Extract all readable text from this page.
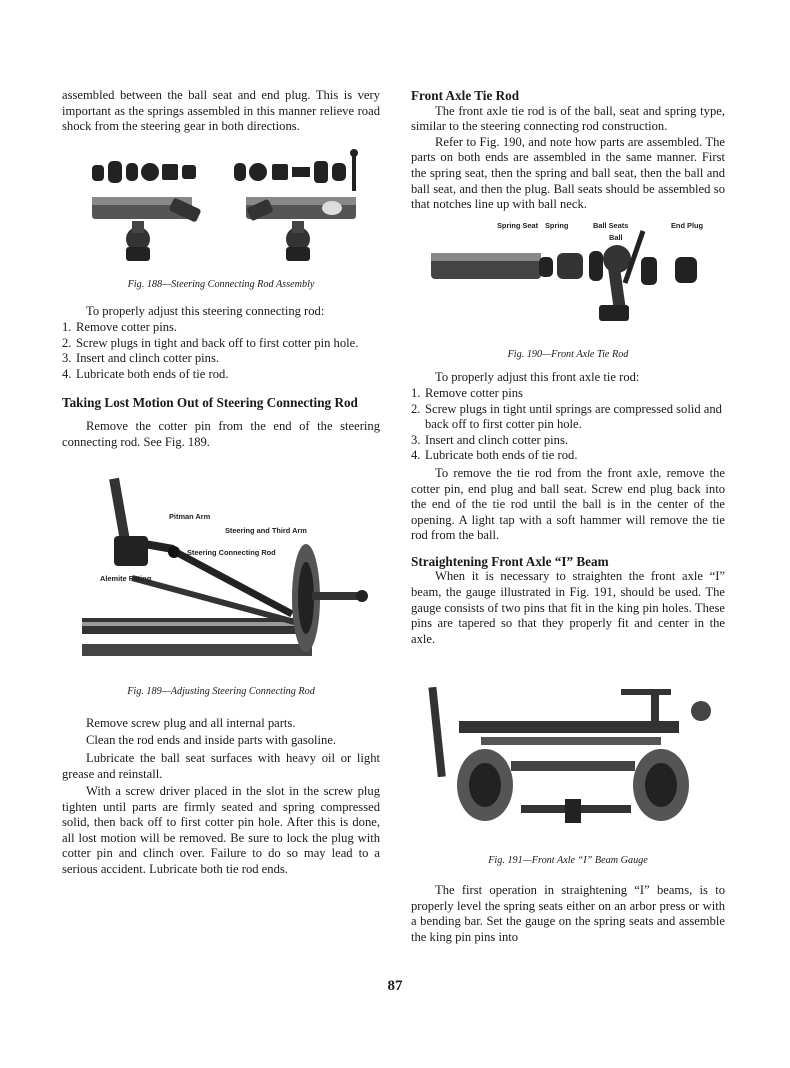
assembled between the ball seat and end plug. This is very important as the springs assembled in this manner relieve road shock from the steering gear in both directions.

Fig. 188—Steering Connecting Rod Assembly

To properly adjust this steering connecting rod:

1. Remove cotter pins.
2. Screw plugs in tight and back off to first cotter pin hole.
3. Insert and clinch cotter pins.
4. Lubricate both ends of tie rod.
Taking Lost Motion Out of Steering Connecting Rod

Remove the cotter pin from the end of the steering connecting rod. See Fig. 189.

Pitman Arm
Steering and Third Arm
Steering Connecting Rod
Alemite Fitting

Fig. 189—Adjusting Steering Connecting Rod

Remove screw plug and all internal parts.

Clean the rod ends and inside parts with gasoline.

Lubricate the ball seat surfaces with heavy oil or light grease and reinstall.

With a screw driver placed in the slot in the screw plug tighten until parts are firmly seated and spring compressed solid, then back off to first cotter pin hole. After this is done, all lost motion will be removed. Be sure to lock the plug with cotter pin and clinch over. Failure to do so may lead to a serious accident. Lubricate both tie rod ends.

Front Axle Tie Rod

The front axle tie rod is of the ball, seat and spring type, similar to the steering connecting rod construction.

Refer to Fig. 190, and note how parts are assembled. The parts on both ends are assembled in the same manner. First the spring seat, then the spring and ball seat, then the ball and ball seat, and then the plug. Ball seats should be assembled so that notches line up with ball neck.

Spring Seat Spring	Ball Seats
Ball
End Plug

Fig. 190—Front Axle Tie Rod

To properly adjust this front axle tie rod:

1. Remove cotter pins
2. Screw plugs in tight until springs are compressed solid and back off to first cotter pin hole.
3. Insert and clinch cotter pins.
4. Lubricate both ends of tie rod.

To remove the tie rod from the front axle, remove the cotter pin, end plug and ball seat. Screw end plug back into the end of the tie rod until the ball is in the center of the opening. A light tap with a soft hammer will remove the tie rod from the ball.

Straightening Front Axle “I” Beam

When it is necessary to straighten the front axle “I” beam, the gauge illustrated in Fig. 191, should be used. The gauge consists of two pins that fit in the king pin holes. These pins are tapered so that they properly fit and center in the axle.

Fig. 191—Front Axle “I” Beam Gauge

The first operation in straightening “I” beams, is to properly level the spring seats either on an arbor press or with a bending bar. Set the gauge on the spring seats and assemble the king pin pins into

87
